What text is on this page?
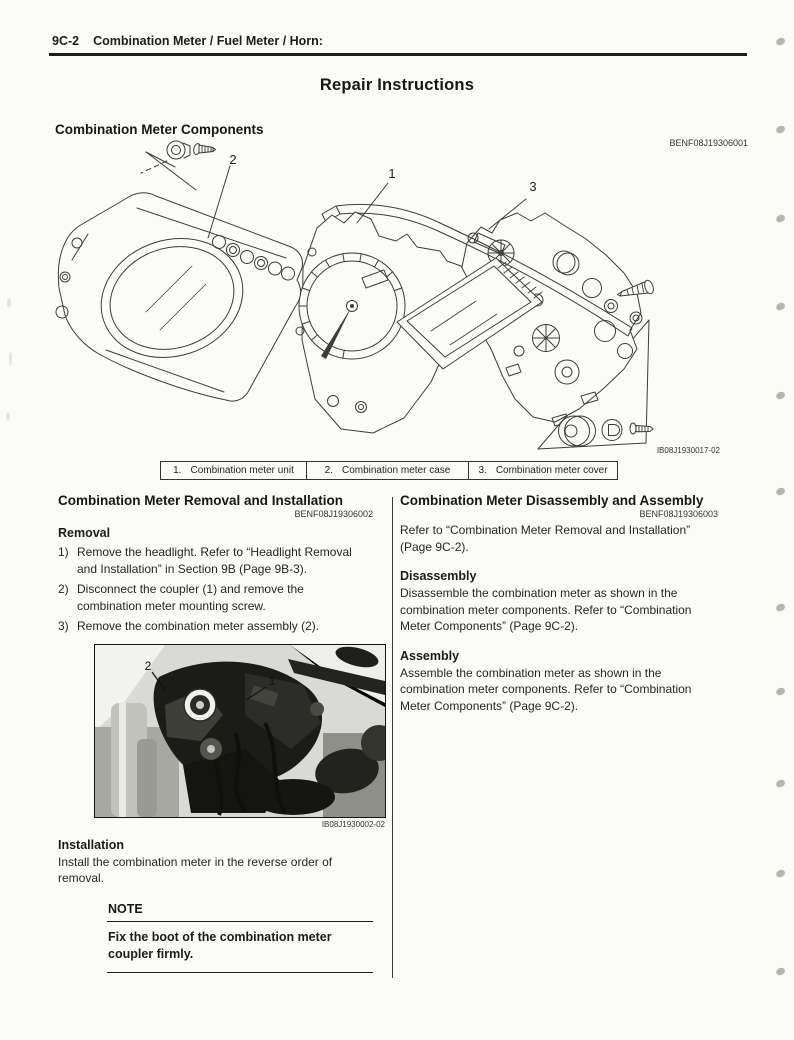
9C-2 Combination Meter / Fuel Meter / Horn:
Repair Instructions
Combination Meter Components
BENF08J19306001
2
1
3
IB08J1930017-02
1. Combination meter unit	2. Combination meter case	3. Combination meter cover
Combination Meter Removal and Installation
BENF08J19306002
Removal
1) Remove the headlight. Refer to “Headlight Removal and Installation” in Section 9B (Page 9B-3).
2) Disconnect the coupler (1) and remove the combination meter mounting screw.
3) Remove the combination meter assembly (2).
2
1
IB08J1930002-02
Installation
Install the combination meter in the reverse order of removal.
NOTE
Fix the boot of the combination meter coupler firmly.
Combination Meter Disassembly and Assembly
BENF08J19306003
Refer to “Combination Meter Removal and Installation” (Page 9C-2).
Disassembly
Disassemble the combination meter as shown in the combination meter components. Refer to “Combination Meter Components” (Page 9C-2).
Assembly
Assemble the combination meter as shown in the combination meter components. Refer to “Combination Meter Components” (Page 9C-2).
